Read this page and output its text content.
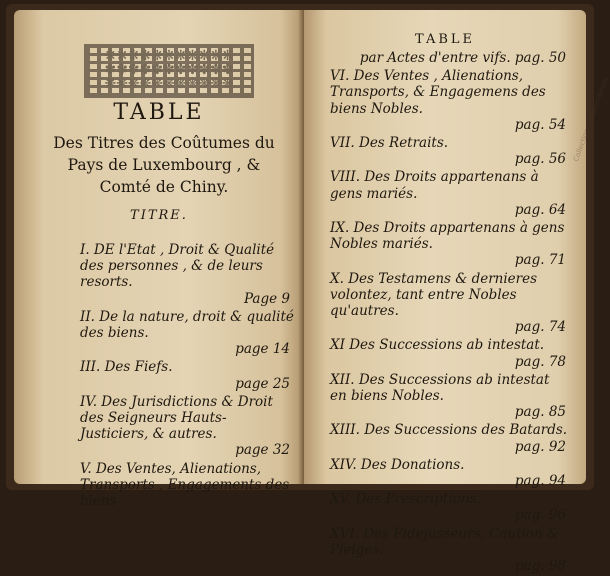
❋❋❋❋❋❋❋❋❋❋❋
✽✽✽✽✽✽✽✽✽✽✽
❋❋❋❋❋❋❋❋❋❋❋
TABLE
Des Titres des Coûtumes du
Pays de Luxembourg , &
Comté de Chiny.
TITRE.
I. DE l'Etat , Droit & Qualité des personnes , & de leurs resorts.
Page 9
II. De la nature, droit & qualité des biens.
page 14
III. Des Fiefs.
page 25
IV. Des Jurisdictions & Droit des Seigneurs Hauts-Justiciers, & autres.
page 32
V. Des Ventes, Alienations, Transports , Engagements des biens
TABLE
par Actes d'entre vifs. pag. 50
VI. Des Ventes , Alienations, Transports, & Engagemens des biens Nobles.
pag. 54
VII. Des Retraits.
pag. 56
VIII. Des Droits appartenans à gens mariés.
pag. 64
IX. Des Droits appartenans à gens Nobles mariés.
pag. 71
X. Des Testamens & dernieres volontez, tant entre Nobles qu'autres.
pag. 74
XI Des Successions ab intestat.
pag. 78
XII. Des Successions ab intestat en biens Nobles.
pag. 85
XIII. Des Successions des Batards.
pag. 92
XIV. Des Donations.
pag. 94
XV. Des Prescriptions.
pag. 96
XVI. Des Fidejusseurs, Caution & Pleiges.
pag. 98
Collection ... Luxembourg
